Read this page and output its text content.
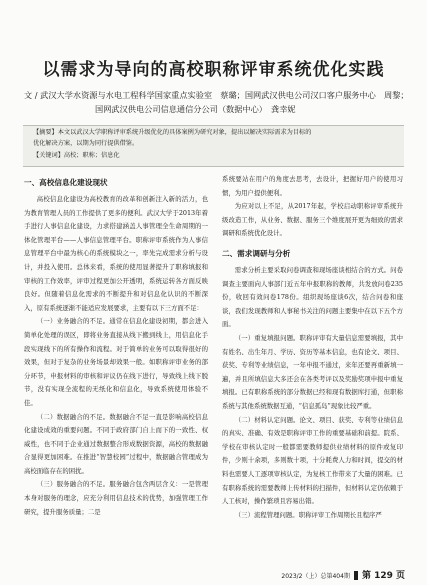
以需求为导向的高校职称评审系统优化实践
文 / 武汉大学水资源与水电工程科学国家重点实验室　蔡璐；国网武汉供电公司汉口客户服务中心　周黎；
国网武汉供电公司信息通信分公司（数据中心）　龚幸妮
【摘要】本文以武汉大学职称评审系统升级优化的具体案例为研究对象，提出以解决实际需求为目标的
优化解决方案，以期为同行提供借鉴。
【关键词】高校；职称；信息化
一、高校信息化建设现状

高校信息化建设为高校教育的改革和创新注入新的活力，也为教育管理人员的工作提供了更多的便利。武汉大学于2013年着手进行人事信息化建设，力求搭建涵盖人事管理全生命周期的一体化管理平台——人事信息管理平台。职称评审系统作为人事信息管理平台中最为核心的系统模块之一，率先完成需求分析与设计，并投入使用。总体来看，系统的使用显著提升了职称填报和审核的工作效率，评审过程更加公开透明，系统运转各方面反映良好。但随着信息化需求的不断提升和对信息化认识的不断深入，原有系统逐渐不能适应发展要求，主要有以下三方面不足：

（一）业务融合的不足。通常在信息化建设初期，都会进入简单化处理的误区，即将业务直接从线下搬到线上，用信息化手段实现线下的所有操作和流程。对于简单的业务可以取得很好的效果，但对于复杂的业务场景却效果一般。如职称评审业务的部分环节，申报材料的审核和评议仍在线下进行，导致线上线下脱节，没有实现全流程的无纸化和信息化，导致系统使用体验不佳。

（二）数据融合的不足。数据融合不足一直是影响高校信息化建设成效的重要问题。不同于政府部门自上而下的一致性、权威性，也不同于企业通过数据整合形成数据资源，高校的数据融合显得更加困难。在推进“智慧校园”过程中，数据融合管理成为高校面临存在的困扰。

（三）服务融合的不足。服务融合包含两层含义：一是管理本身对服务的理念，应充分利用信息技术的优势，加强管理工作研究，提升服务质量；二是

系统要站在用户的角度去思考，去设计，把握好用户的使用习惯，为用户提供便利。

为应对以上不足，从2017年起，学校启动职称评审系统升级改造工作，从业务、数据、服务三个维度展开更为细致的需求调研和系统优化设计。

二、需求调研与分析

需求分析主要采取问卷调查和现场座谈相结合的方式。问卷调查主要面向人事部门近五年申报职称的教师，共发放问卷235份，收回有效问卷178份。组织现场座谈6次，结合问卷和座谈，我们发现教师和人事秘书关注的问题主要集中在以下五个方面。

（一）重复填报问题。职称评审有大量信息需要填报，其中有姓名、出生年月、学历、资历等基本信息，也有论文、项目、获奖、专利等业绩信息，一年申报不通过，来年还要再重新填一遍，并且所填信息大多还会在各类考评以及奖励奖项申报中重复填报。已有职称系统的部分数据已经和现有数据库打通，但职称系统与其他系统数据互通，“信息孤岛”现象比较严重。

（二）材料认定问题。论文、项目、获奖、专利等业绩信息的真实、准确、有效是职称评审工作的重要基础和前提。院系、学校在审核认定时一般都需要教师提供业绩材料的原件或复印件，少则十余项，多则数十项，十分耗费人力和时间，提交的材料也需要人工逐项审核认定，为复核工作带来了大量的困难。已有职称系统的需要教师上传材料的扫描件，但材料认定仍依赖于人工核对，操作繁琐且容易出错。

（三）流程管理问题。职称评审工作周期长且程序严

2023/2（上）总第404期 第 129 页
